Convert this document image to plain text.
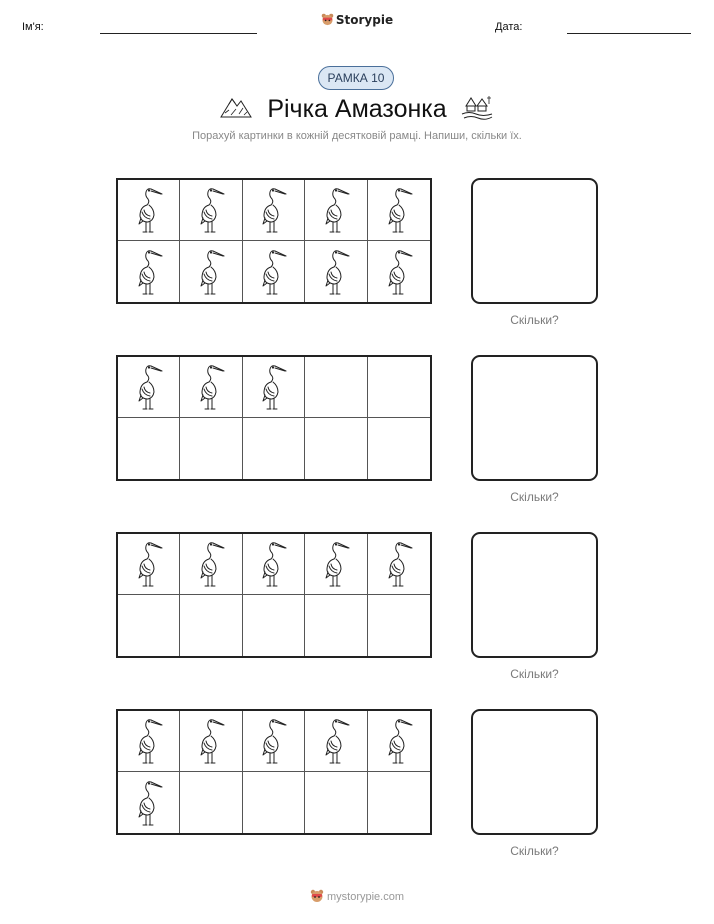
Ім'я:	Storypie	Дата:
РАМКА 10
Річка Амазонка
Порахуй картинки в кожній десятковій рамці. Напиши, скільки їх.
Скільки?
Скільки?
Скільки?
Скільки?
mystorypie.com
